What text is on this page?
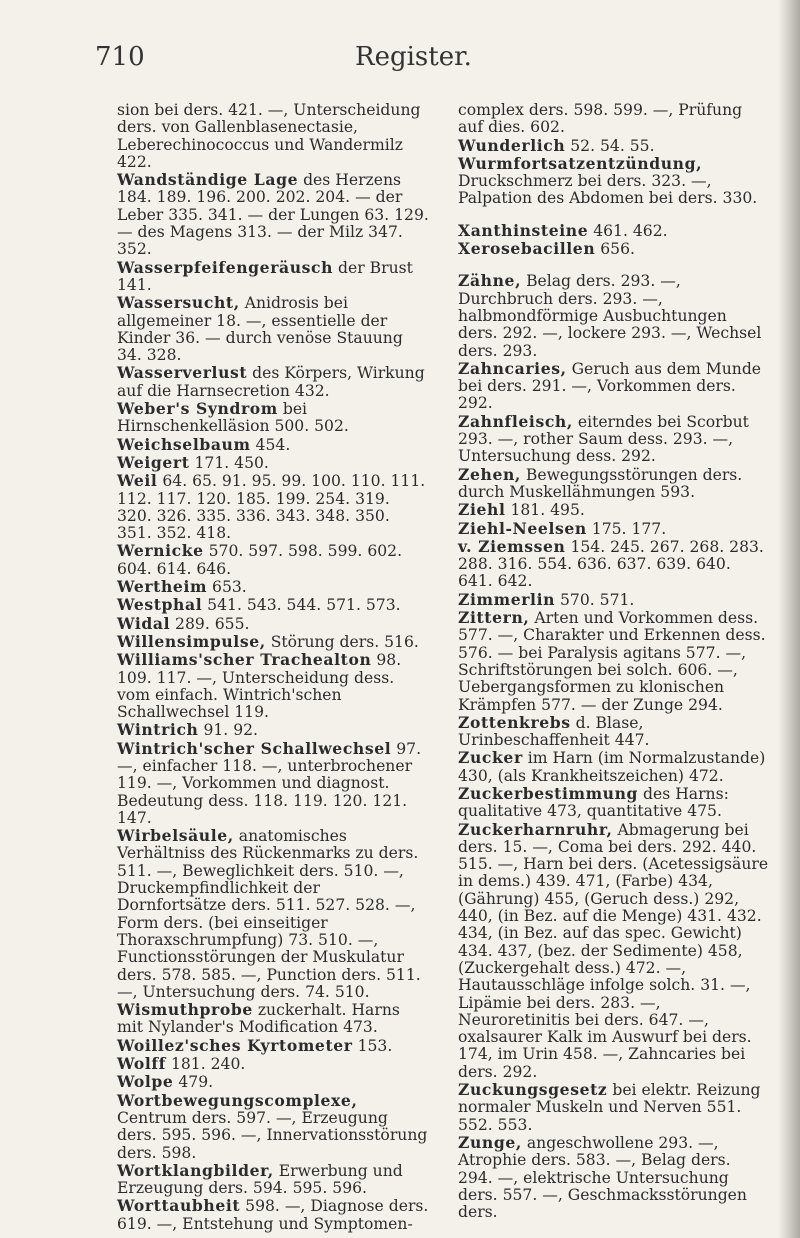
710	Register.
sion bei ders. 421. —, Unterscheidung ders. von Gallenblasenectasie, Leberechinococcus und Wandermilz 422.
Wandständige Lage des Herzens 184. 189. 196. 200. 202. 204. — der Leber 335. 341. — der Lungen 63. 129. — des Magens 313. — der Milz 347. 352.
Wasserpfeifengeräusch der Brust 141.
Wassersucht, Anidrosis bei allgemeiner 18. —, essentielle der Kinder 36. — durch venöse Stauung 34. 328.
Wasserverlust des Körpers, Wirkung auf die Harnsecretion 432.
Weber's Syndrom bei Hirnschenkelläsion 500. 502.
Weichselbaum 454.
Weigert 171. 450.
Weil 64. 65. 91. 95. 99. 100. 110. 111. 112. 117. 120. 185. 199. 254. 319. 320. 326. 335. 336. 343. 348. 350. 351. 352. 418.
Wernicke 570. 597. 598. 599. 602. 604. 614. 646.
Wertheim 653.
Westphal 541. 543. 544. 571. 573.
Widal 289. 655.
Willensimpulse, Störung ders. 516.
Williams'scher Trachealton 98. 109. 117. —, Unterscheidung dess. vom einfach. Wintrich'schen Schallwechsel 119.
Wintrich 91. 92.
Wintrich'scher Schallwechsel 97. —, einfacher 118. —, unterbrochener 119. —, Vorkommen und diagnost. Bedeutung dess. 118. 119. 120. 121. 147.
Wirbelsäule, anatomisches Verhältniss des Rückenmarks zu ders. 511. —, Beweglichkeit ders. 510. —, Druckempfindlichkeit der Dornfortsätze ders. 511. 527. 528. —, Form ders. (bei einseitiger Thoraxschrumpfung) 73. 510. —, Functionsstörungen der Muskulatur ders. 578. 585. —, Punction ders. 511. —, Untersuchung ders. 74. 510.
Wismuthprobe zuckerhalt. Harns mit Nylander's Modification 473.
Woillez'sches Kyrtometer 153.
Wolff 181. 240.
Wolpe 479.
Wortbewegungscomplexe, Centrum ders. 597. —, Erzeugung ders. 595. 596. —, Innervationsstörung ders. 598.
Wortklangbilder, Erwerbung und Erzeugung ders. 594. 595. 596.
Worttaubheit 598. —, Diagnose ders. 619. —, Entstehung und Symptomen-
complex ders. 598. 599. —, Prüfung auf dies. 602.
Wunderlich 52. 54. 55.
Wurmfortsatzentzündung, Druckschmerz bei ders. 323. —, Palpation des Abdomen bei ders. 330.
Xanthinsteine 461. 462.
Xerosebacillen 656.
Zähne, Belag ders. 293. —, Durchbruch ders. 293. —, halbmondförmige Ausbuchtungen ders. 292. —, lockere 293. —, Wechsel ders. 293.
Zahncaries, Geruch aus dem Munde bei ders. 291. —, Vorkommen ders. 292.
Zahnfleisch, eiterndes bei Scorbut 293. —, rother Saum dess. 293. —, Untersuchung dess. 292.
Zehen, Bewegungsstörungen ders. durch Muskellähmungen 593.
Ziehl 181. 495.
Ziehl-Neelsen 175. 177.
v. Ziemssen 154. 245. 267. 268. 283. 288. 316. 554. 636. 637. 639. 640. 641. 642.
Zimmerlin 570. 571.
Zittern, Arten und Vorkommen dess. 577. —, Charakter und Erkennen dess. 576. — bei Paralysis agitans 577. —, Schriftstörungen bei solch. 606. —, Uebergangsformen zu klonischen Krämpfen 577. — der Zunge 294.
Zottenkrebs d. Blase, Urinbeschaffenheit 447.
Zucker im Harn (im Normalzustande) 430, (als Krankheitszeichen) 472.
Zuckerbestimmung des Harns: qualitative 473, quantitative 475.
Zuckerharnruhr, Abmagerung bei ders. 15. —, Coma bei ders. 292. 440. 515. —, Harn bei ders. (Acetessigsäure in dems.) 439. 471, (Farbe) 434, (Gährung) 455, (Geruch dess.) 292, 440, (in Bez. auf die Menge) 431. 432. 434, (in Bez. auf das spec. Gewicht) 434. 437, (bez. der Sedimente) 458, (Zuckergehalt dess.) 472. —, Hautausschläge infolge solch. 31. —, Lipämie bei ders. 283. —, Neuroretinitis bei ders. 647. —, oxalsaurer Kalk im Auswurf bei ders. 174, im Urin 458. —, Zahncaries bei ders. 292.
Zuckungsgesetz bei elektr. Reizung normaler Muskeln und Nerven 551. 552. 553.
Zunge, angeschwollene 293. —, Atrophie ders. 583. —, Belag ders. 294. —, elektrische Untersuchung ders. 557. —, Geschmacksstörungen ders.
